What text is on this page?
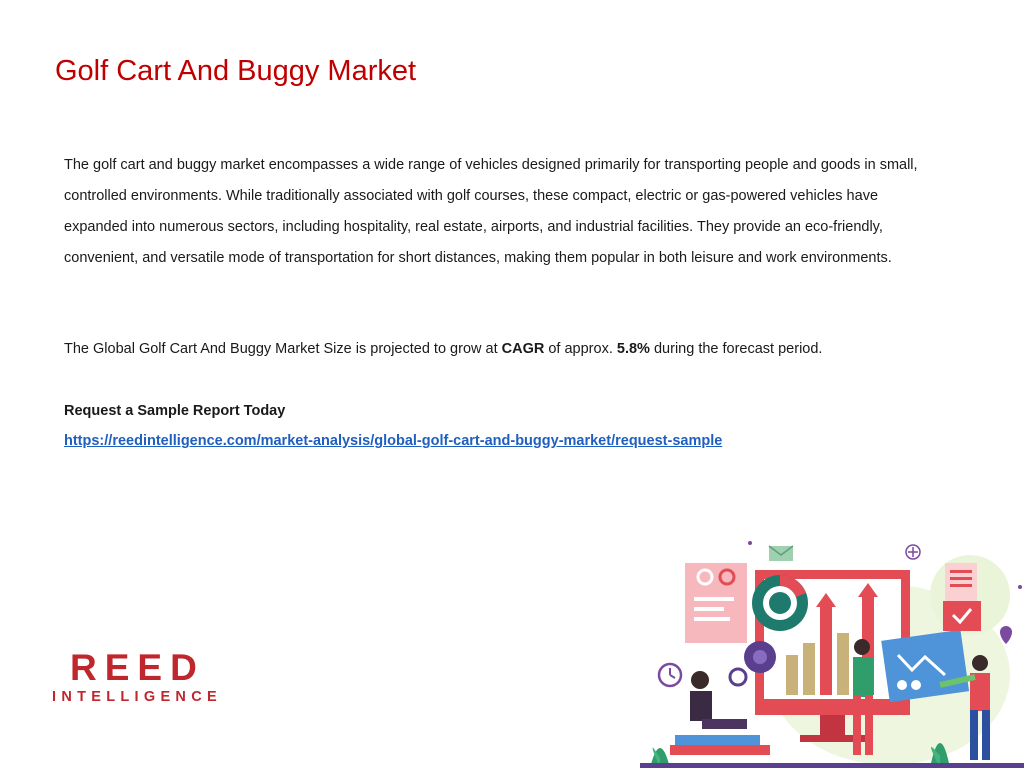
Golf Cart And Buggy Market

The golf cart and buggy market encompasses a wide range of vehicles designed primarily for transporting people and goods in small, controlled environments. While traditionally associated with golf courses, these compact, electric or gas-powered vehicles have expanded into numerous sectors, including hospitality, real estate, airports, and industrial facilities. They provide an eco-friendly, convenient, and versatile mode of transportation for short distances, making them popular in both leisure and work environments.

The Global Golf Cart And Buggy Market Size is projected to grow at CAGR of approx. 5.8% during the forecast period.
Request a Sample Report Today
https://reedintelligence.com/market-analysis/global-golf-cart-and-buggy-market/request-sample
REED
INTELLIGENCE
